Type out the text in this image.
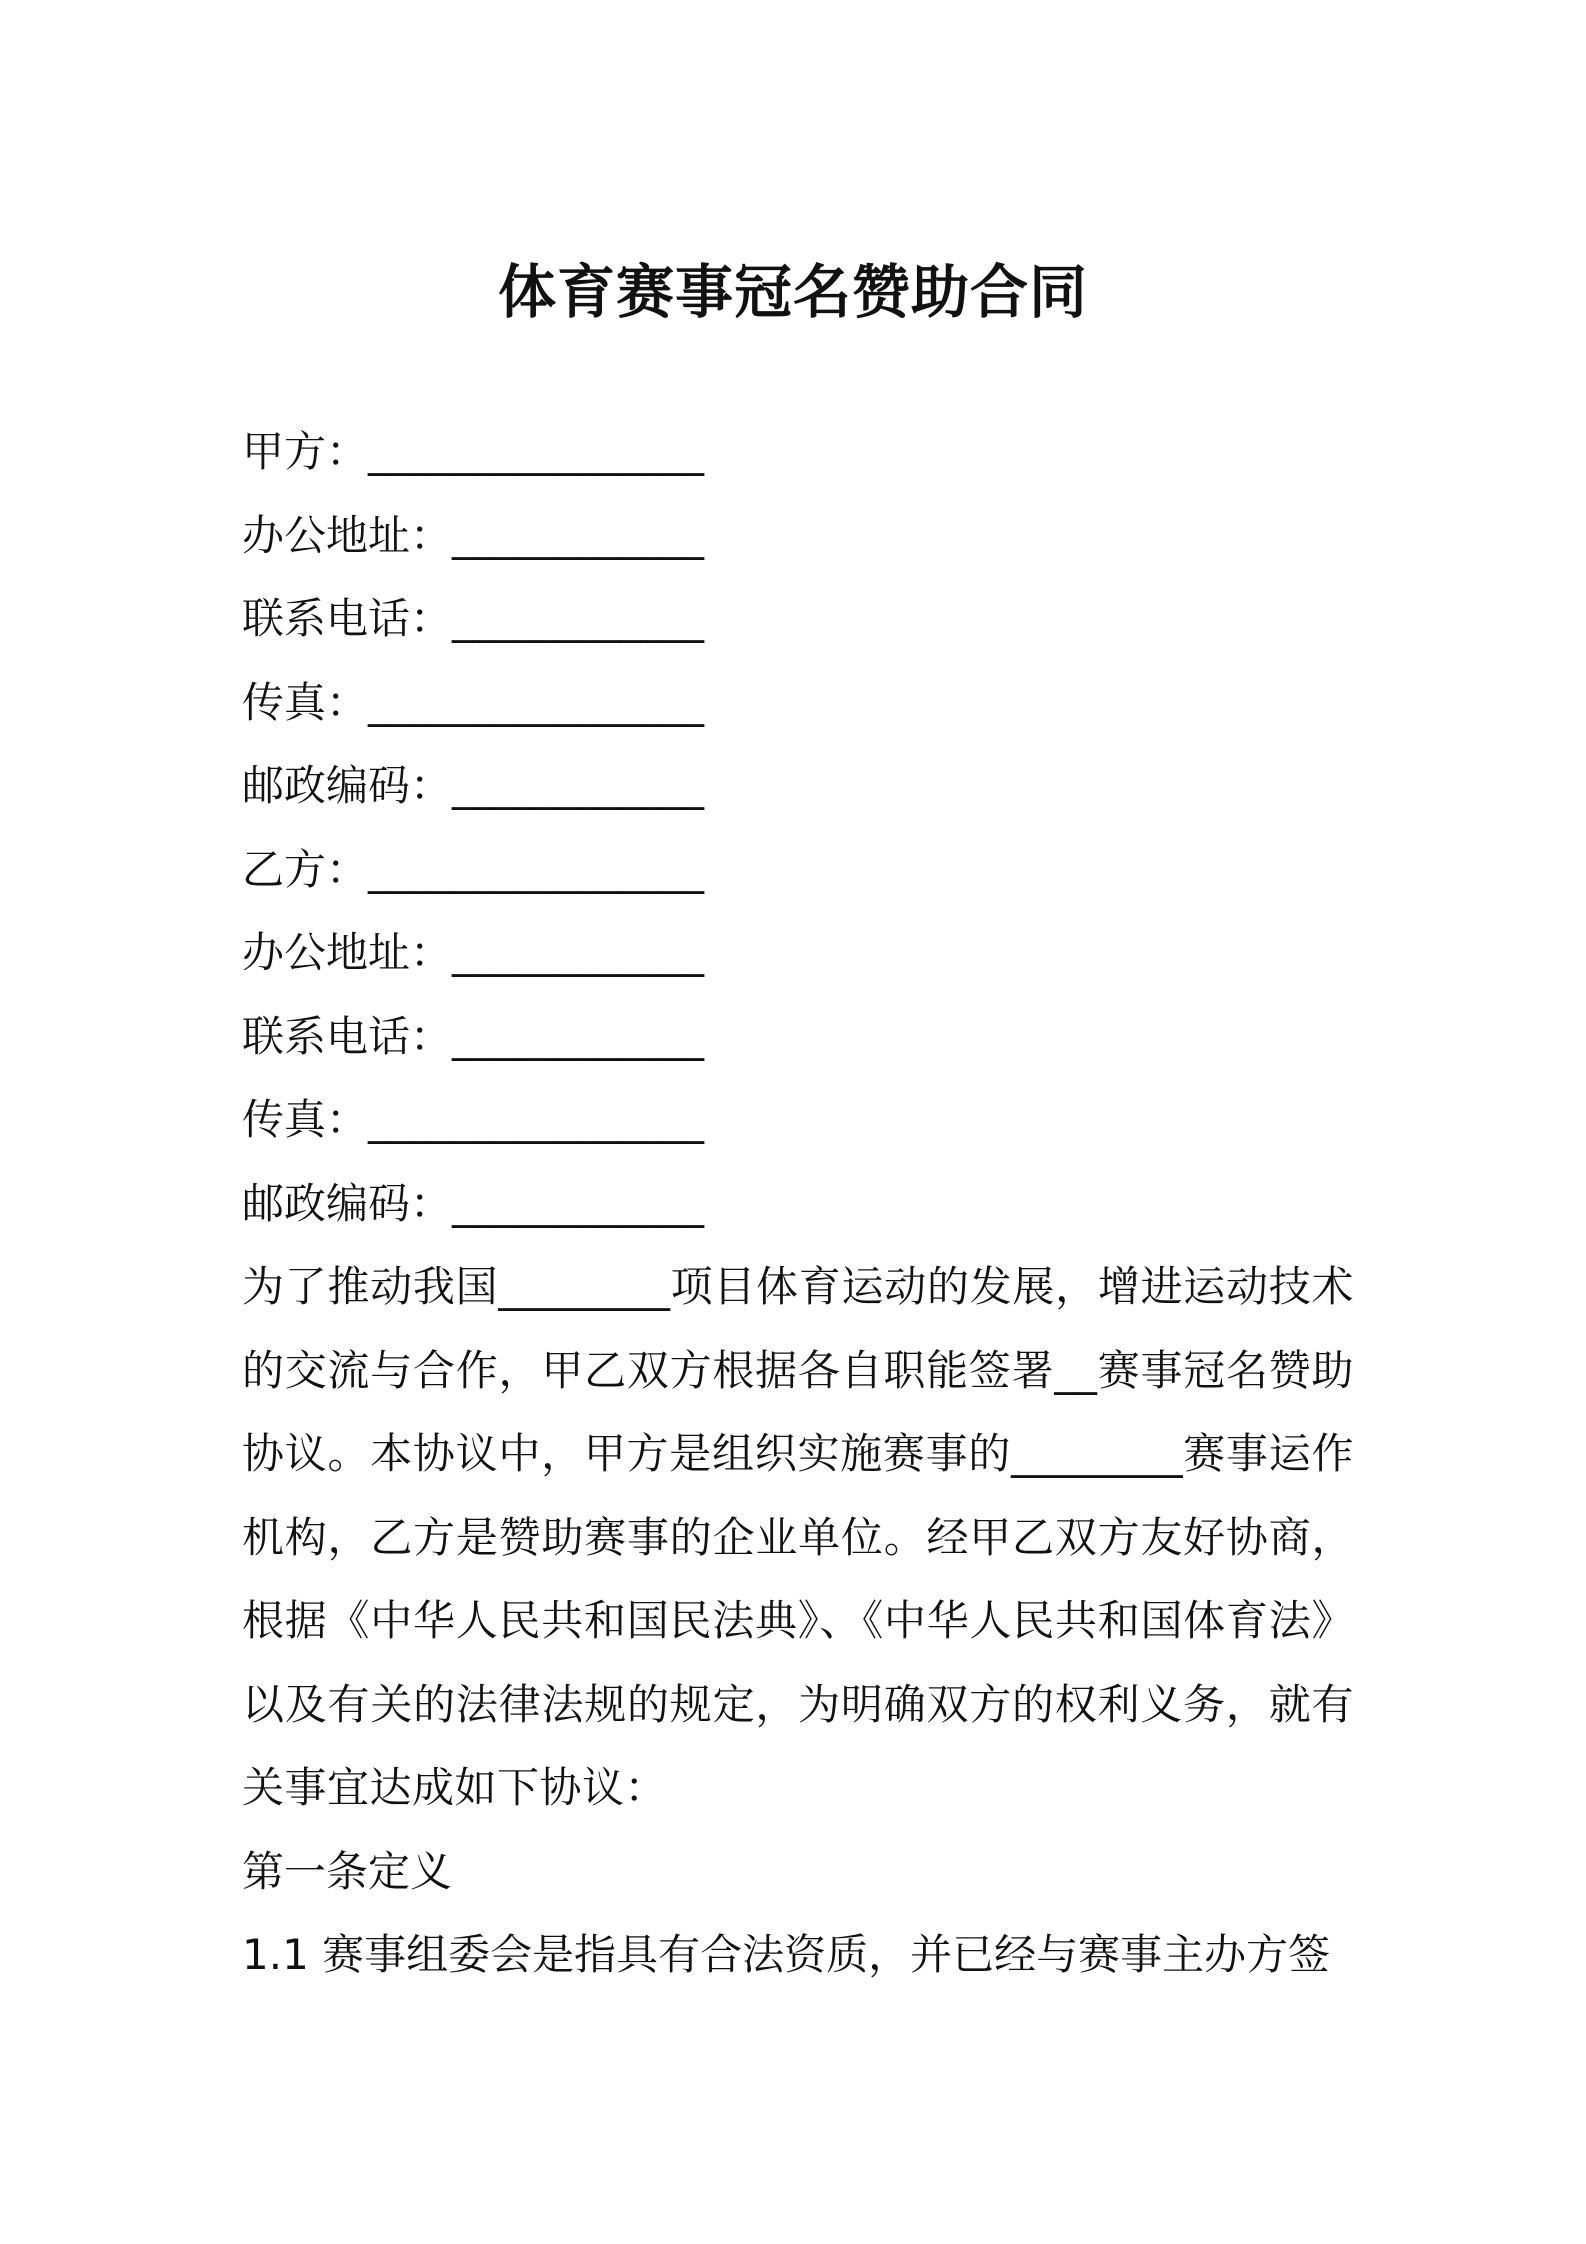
体育赛事冠名赞助合同
甲方：________________
办公地址：____________
联系电话：____________
传真：________________
邮政编码：____________
乙方：________________
办公地址：____________
联系电话：____________
传真：________________
邮政编码：____________
为了推动我国________项目体育运动的发展，增进运动技术的交流与合作，甲乙双方根据各自职能签署__赛事冠名赞助协议。本协议中，甲方是组织实施赛事的________赛事运作机构，乙方是赞助赛事的企业单位。经甲乙双方友好协商，根据《中华人民共和国民法典》、《中华人民共和国体育法》以及有关的法律法规的规定，为明确双方的权利义务，就有关事宜达成如下协议：
第一条定义
1.1 赛事组委会是指具有合法资质，并已经与赛事主办方签
